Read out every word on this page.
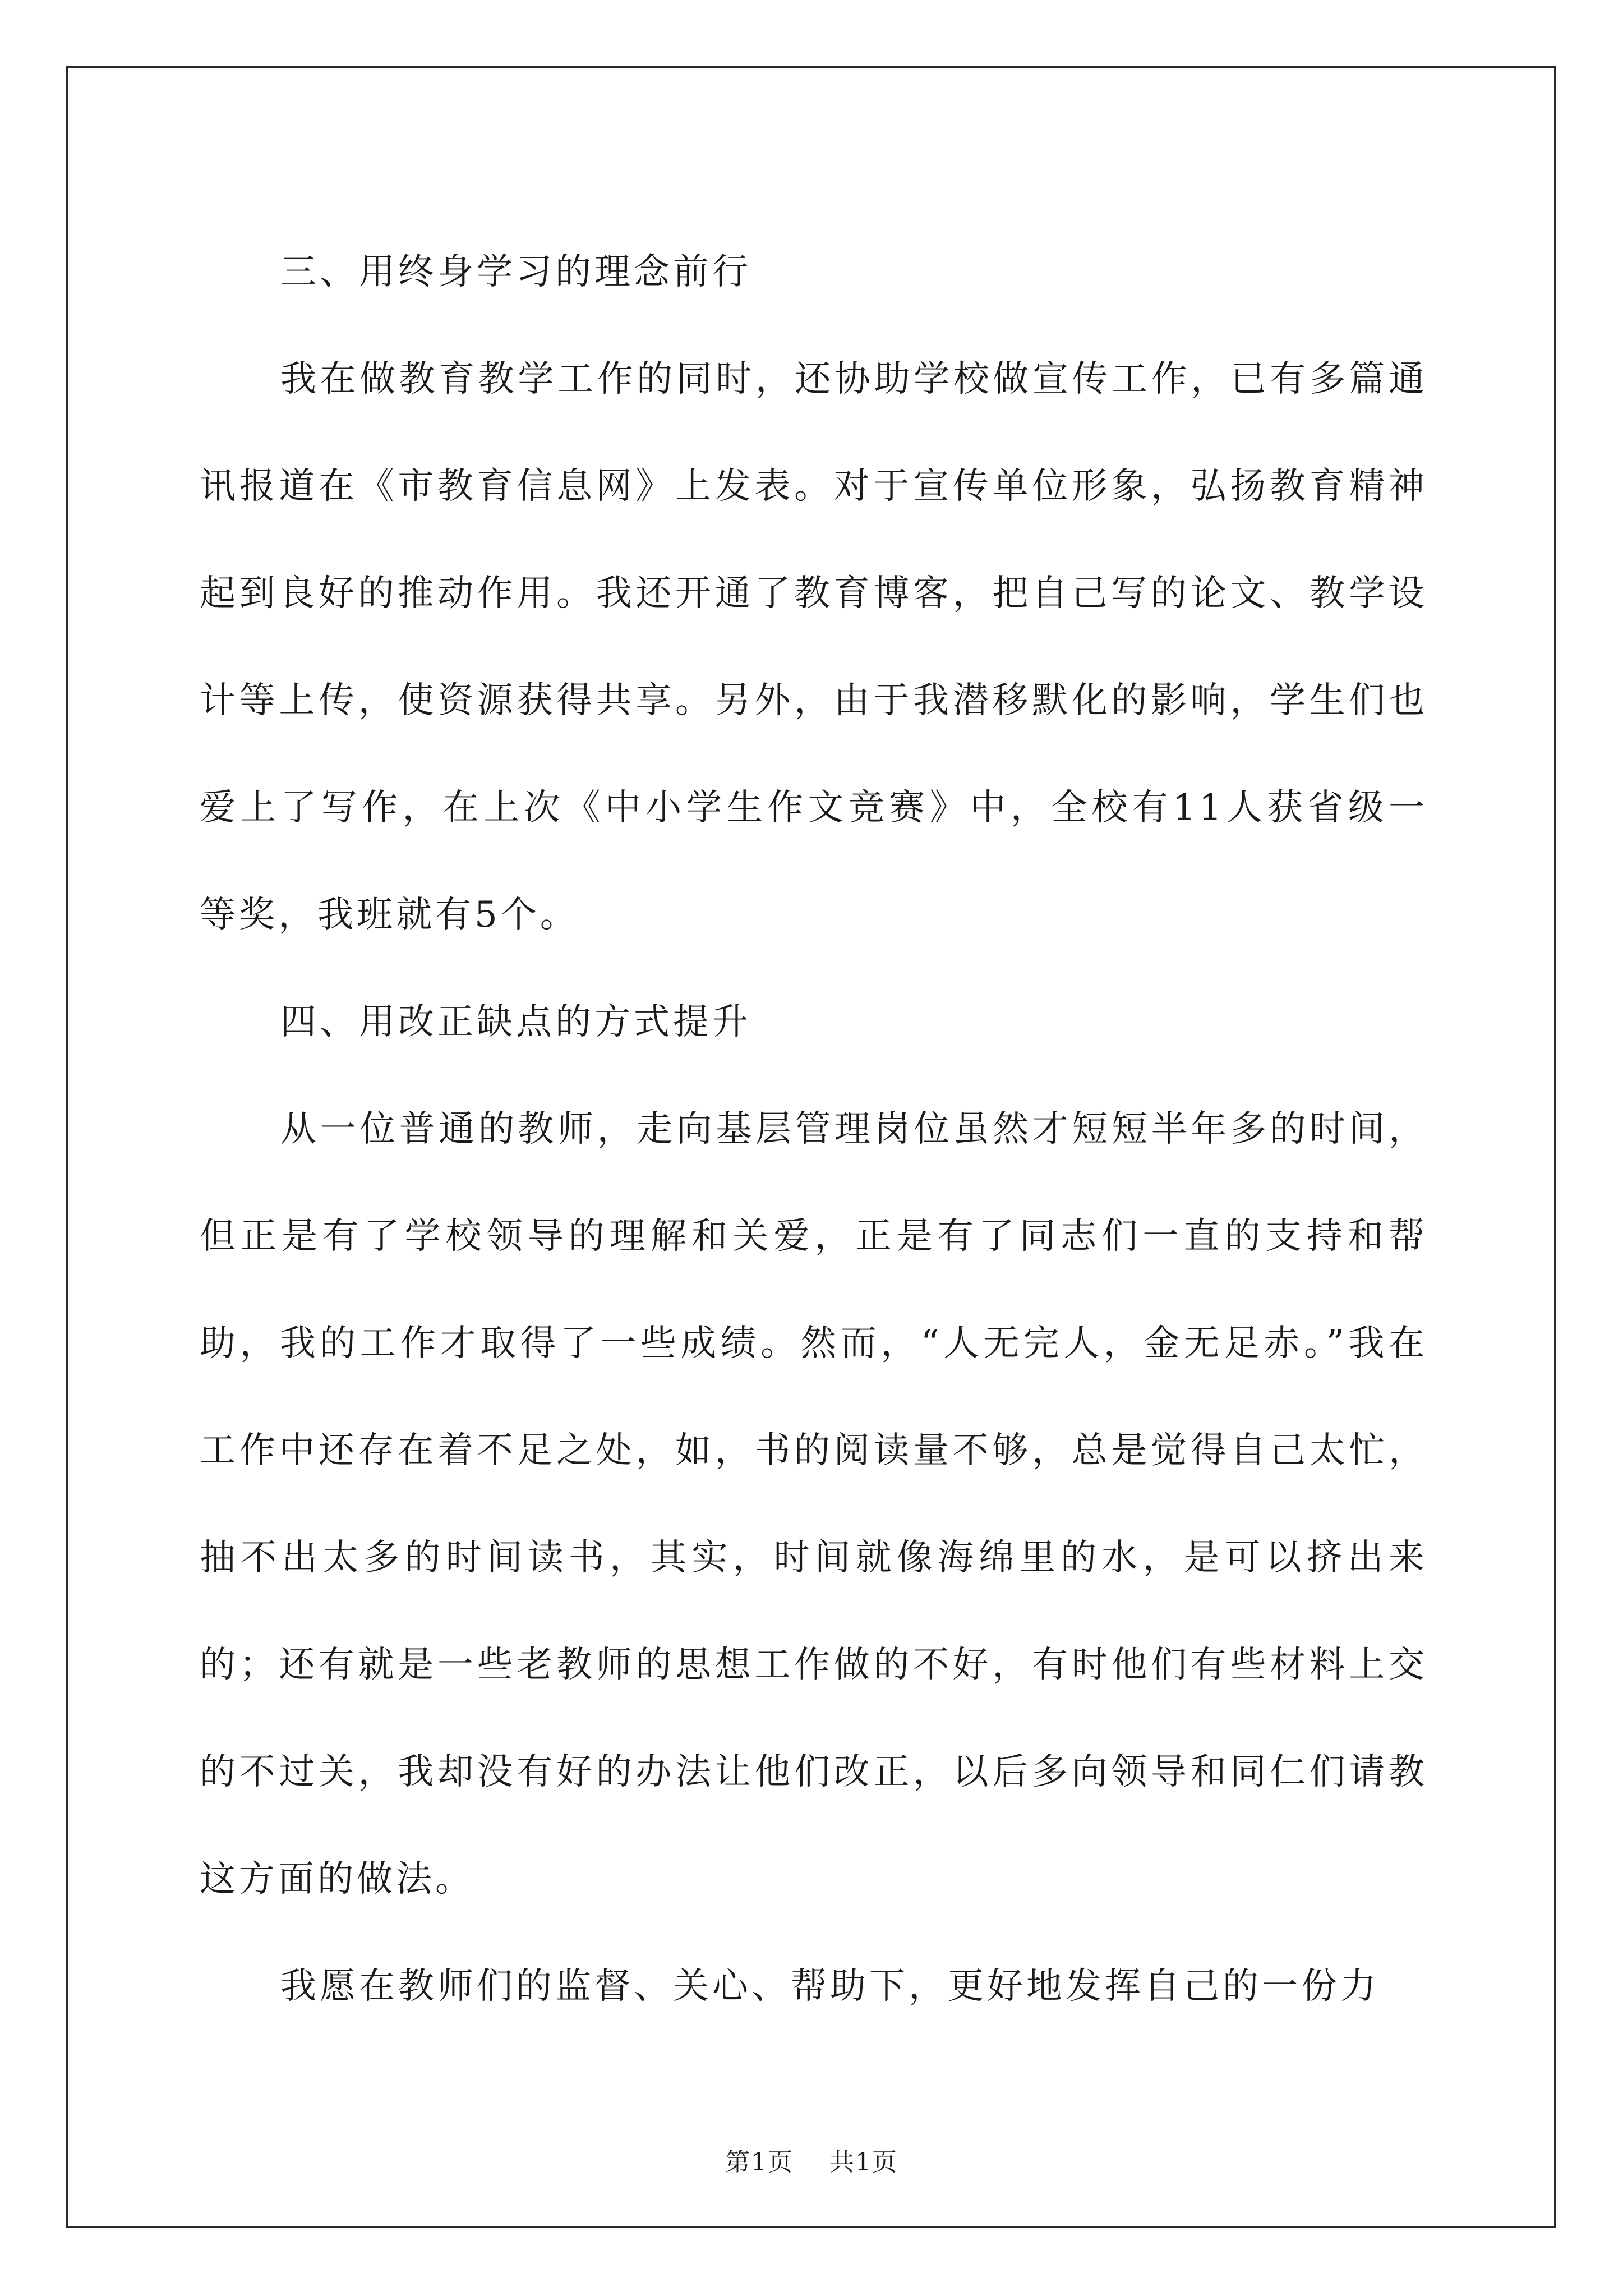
三、用终身学习的理念前行

我在做教育教学工作的同时，还协助学校做宣传工作，已有多篇通讯报道在《市教育信息网》上发表。对于宣传单位形象，弘扬教育精神起到良好的推动作用。我还开通了教育博客，把自己写的论文、教学设计等上传，使资源获得共享。另外，由于我潜移默化的影响，学生们也爱上了写作，在上次《中小学生作文竞赛》中，全校有11人获省级一等奖，我班就有5个。

四、用改正缺点的方式提升

从一位普通的教师，走向基层管理岗位虽然才短短半年多的时间，但正是有了学校领导的理解和关爱，正是有了同志们一直的支持和帮助，我的工作才取得了一些成绩。然而，“人无完人，金无足赤。”我在工作中还存在着不足之处，如，书的阅读量不够，总是觉得自己太忙，抽不出太多的时间读书，其实，时间就像海绵里的水，是可以挤出来的；还有就是一些老教师的思想工作做的不好，有时他们有些材料上交的不过关，我却没有好的办法让他们改正，以后多向领导和同仁们请教这方面的做法。

我愿在教师们的监督、关心、帮助下，更好地发挥自己的一份力

第1页 共1页
